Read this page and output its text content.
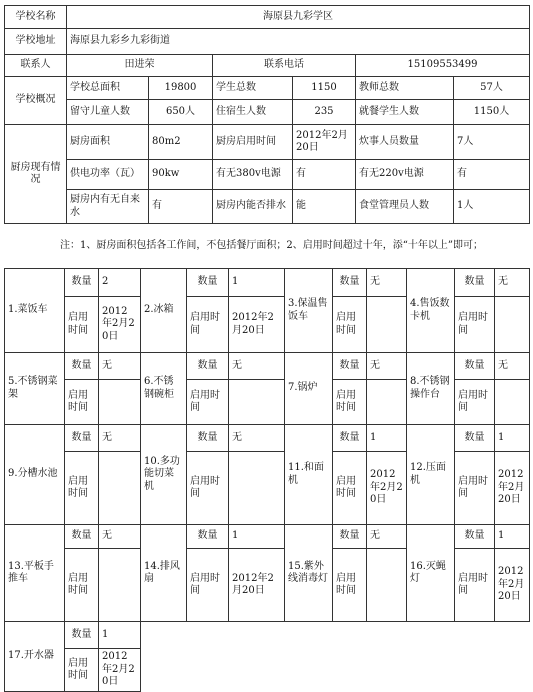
学校名称	海原县九彩学区					
学校地址	海原县九彩乡九彩街道					
联系人	田进荣		联系电话		15109553499	
学校概况	学校总面积	19800	学生总数	1150	教师总数	57人
	留守儿童人数	650人	住宿生人数	235	就餐学生人数	1150人
厨房现有情况	厨房面积	80m2	厨房启用时间	2012年2月20日	炊事人员数量	7人
	供电功率（瓦）	90kw	有无380v电源	有	有无220v电源	有
	厨房内有无自来水	有	厨房内能否排水	能	食堂管理员人数	1人
注：1、厨房面积包括各工作间，不包括餐厅面积；2、启用时间超过十年，添“十年以上”即可；
1.菜饭车	数量	2	2.冰箱	数量	1	3.保温售饭车	数量	无	4.售饭数卡机	数量	无
	启用时间	2012年2月20日		启用时间	2012年2月20日		启用时间			启用时间	
5.不锈钢菜架	数量	无	6.不锈钢碗柜	数量	无	7.锅炉	数量	无	8.不锈钢操作台	数量	无
	启用时间			启用时间			启用时间			启用时间	
9.分槽水池	数量	无	10.多功能切菜机	数量	无	11.和面机	数量	1	12.压面机	数量	1
	启用时间			启用时间			启用时间	2012年2月20日		启用时间	2012年2月20日
13.平板手推车	数量	无	14.排风扇	数量	1	15.紫外线消毒灯	数量	无	16.灭蝇灯	数量	1
	启用时间			启用时间	2012年2月20日		启用时间			启用时间	2012年2月20日
17.开水器	数量	1									
	启用时间	2012年2月20日									
